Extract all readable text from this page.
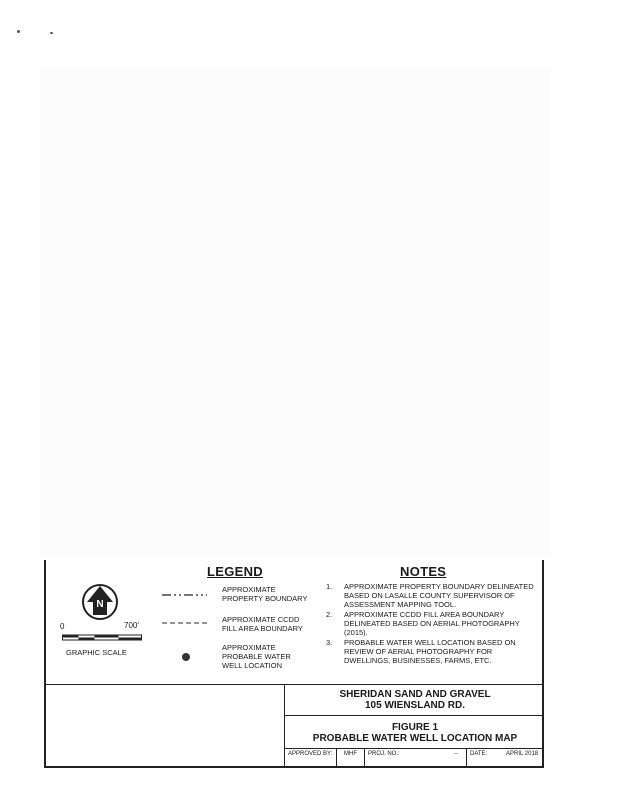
N
0	700'
GRAPHIC SCALE
LEGEND
APPROXIMATE
PROPERTY BOUNDARY
APPROXIMATE CCDD
FILL AREA BOUNDARY
APPROXIMATE
PROBABLE WATER
WELL LOCATION
NOTES
1.	APPROXIMATE PROPERTY BOUNDARY DELINEATED BASED ON LASALLE COUNTY SUPERVISOR OF ASSESSMENT MAPPING TOOL.
2.	APPROXIMATE CCDD FILL AREA BOUNDARY DELINEATED BASED ON AERIAL PHOTOGRAPHY (2015).
3.	PROBABLE WATER WELL LOCATION BASED ON REVIEW OF AERIAL PHOTOGRAPHY FOR DWELLINGS, BUSINESSES, FARMS, ETC.
SHERIDAN SAND AND GRAVEL
105 WIENSLAND RD.
FIGURE 1
PROBABLE WATER WELL LOCATION MAP
APPROVED BY: MHF PROJ. NO.:	-- DATE:	APRIL 2018
